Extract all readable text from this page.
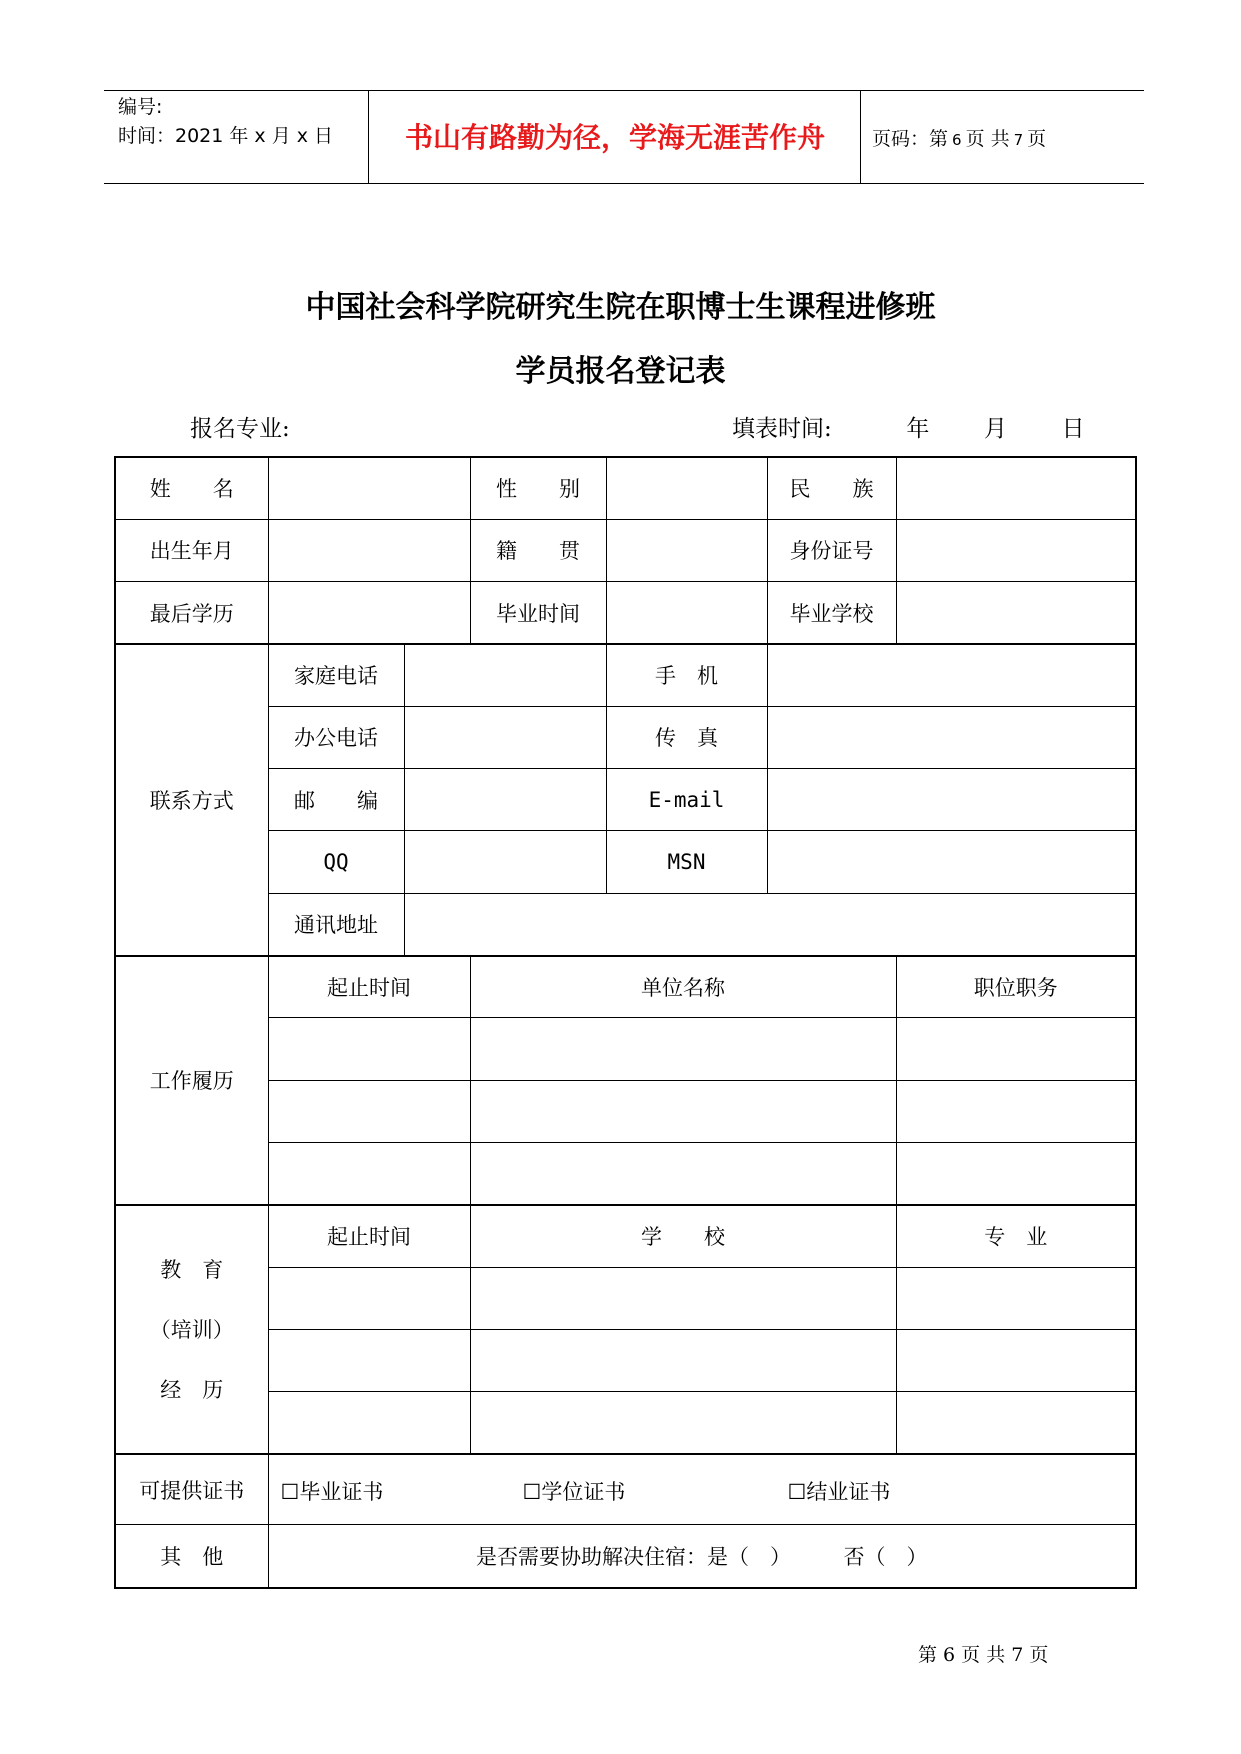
编号:
时间：2021 年 x 月 x 日	书山有路勤为径，学海无涯苦作舟	页码：第 6 页 共 7 页
中国社会科学院研究生院在职博士生课程进修班
学员报名登记表
报名专业:	填表时间:	年 月 日
姓　　名			性　　别		民　　族	
出生年月			籍　　贯		身份证号	
最后学历			毕业时间		毕业学校	
联系方式	家庭电话			手　机		
	办公电话			传　真		
	邮　　编			E-mail		
	QQ			MSN		
	通讯地址					
工作履历	起止时间		单位名称			职位职务

教　育
（培训）
经　历	起止时间		学　　校			专　业

可提供证书	☐毕业证书 ☐学位证书 ☐结业证书					

其　他	是否需要协助解决住宿：是（　）　　　否（　）					
第 6 页 共 7 页
